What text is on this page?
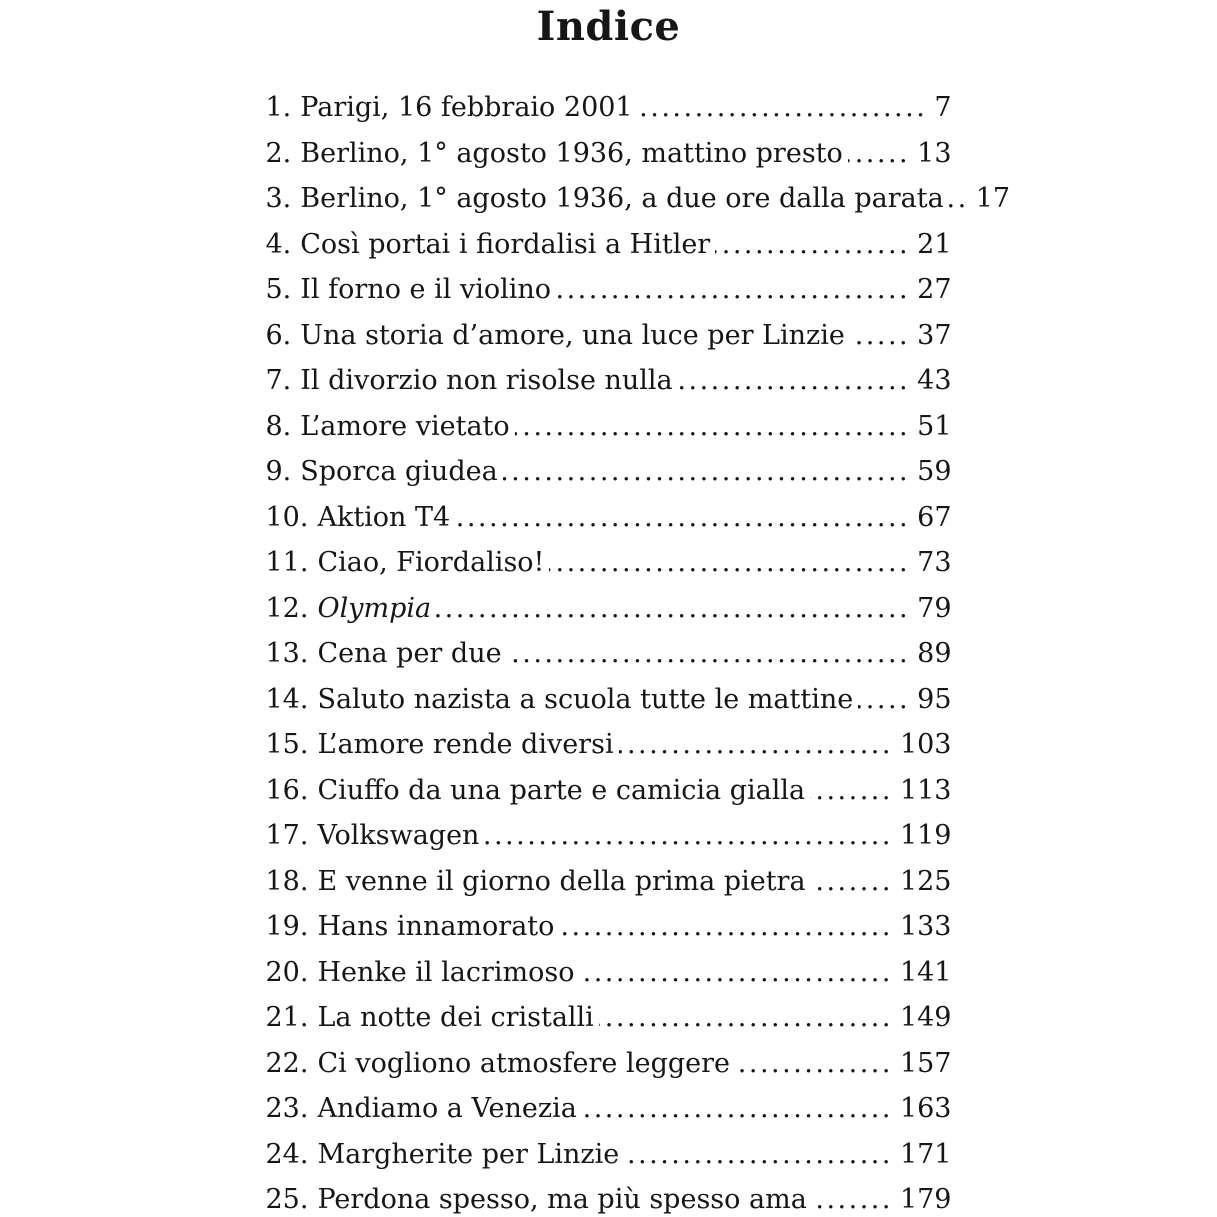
Indice
1. Parigi, 16 febbraio 2001 .....	7
2. Berlino, 1° agosto 1936, mattino presto .....	13
3. Berlino, 1° agosto 1936, a due ore dalla parata ..... 17
4. Così portai i fiordalisi a Hitler .....	21
5. Il forno e il violino .....	27
6. Una storia d’amore, una luce per Linzie .....	37
7. Il divorzio non risolse nulla .....	43
8. L’amore vietato .....	51
9. Sporca giudea .....	59
10. Aktion T4 .....	67
11. Ciao, Fiordaliso! .....	73
12. Olympia .....	79
13. Cena per due .....	89
14. Saluto nazista a scuola tutte le mattine ..... 95
15. L’amore rende diversi .....	103
16. Ciuffo da una parte e camicia gialla .....	113
17. Volkswagen .....	119
18. E venne il giorno della prima pietra .....	125
19. Hans innamorato .....	133
20. Henke il lacrimoso .....	141
21. La notte dei cristalli .....	149
22. Ci vogliono atmosfere leggere .....	157
23. Andiamo a Venezia .....	163
24. Margherite per Linzie .....	171
25. Perdona spesso, ma più spesso ama .....	179
